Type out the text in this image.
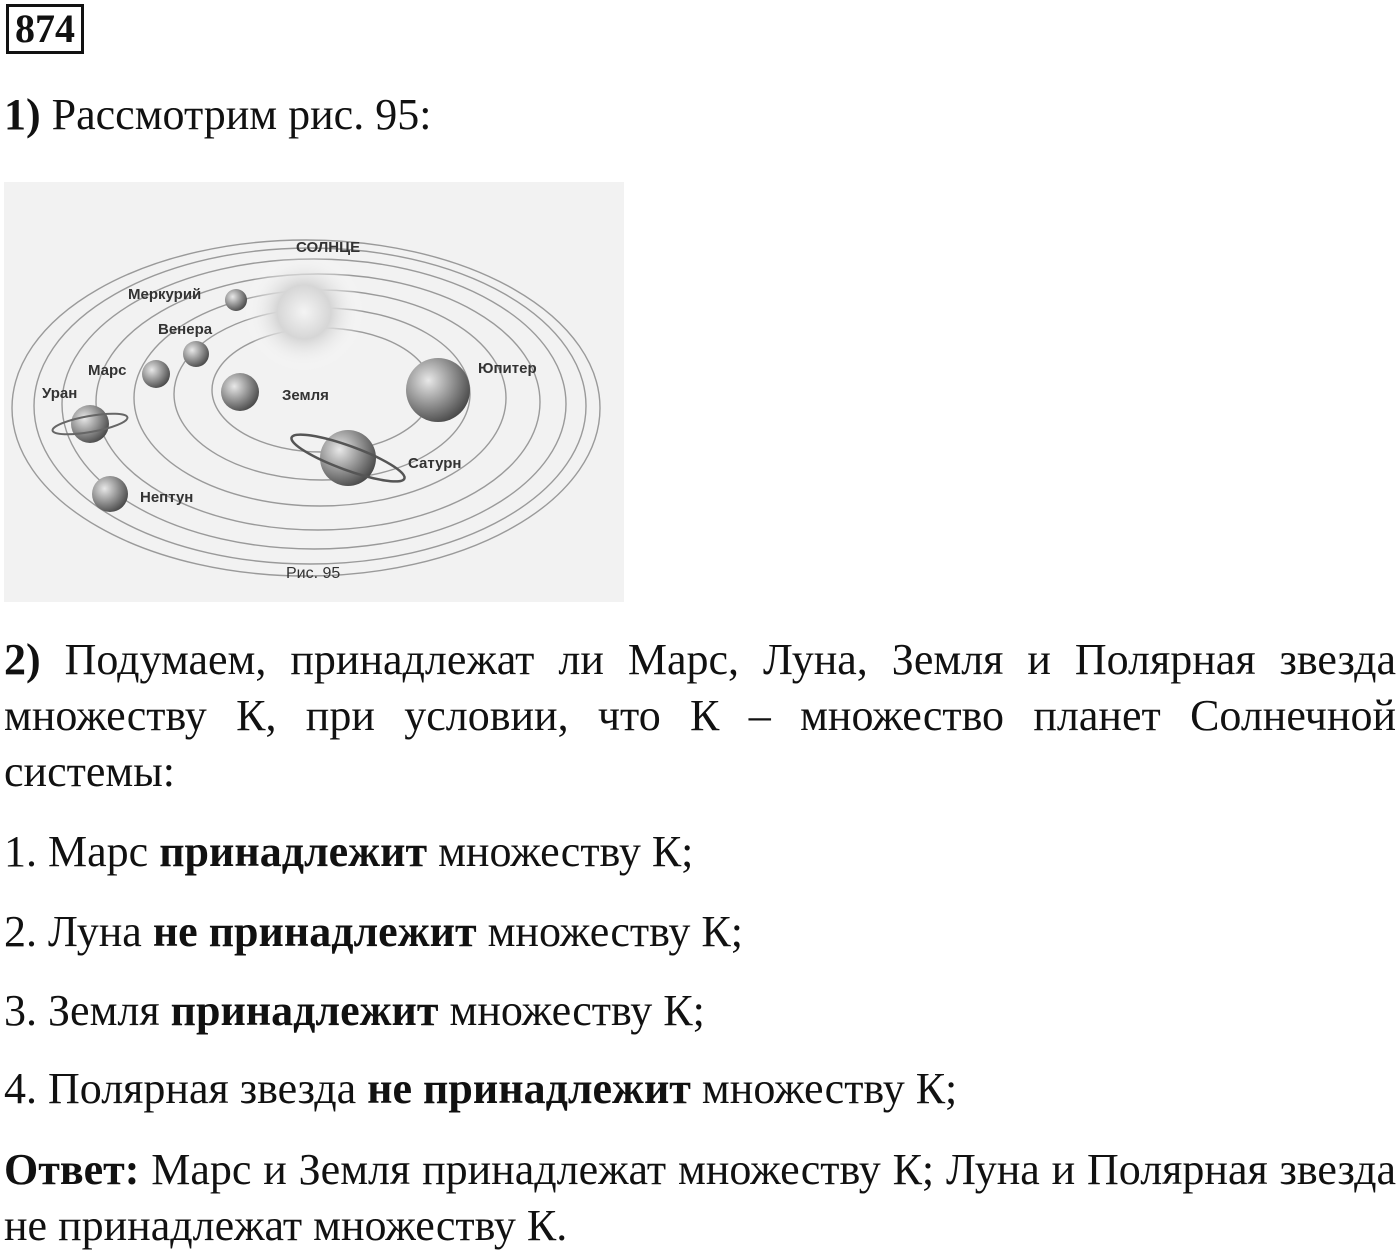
874

1) Рассмотрим рис. 95:

СОЛНЦЕ
Меркурий
Венера
Марс
Уран	Земля
Юпитер
Сатурн
Нептун
Рис. 95

2) Подумаем, принадлежат ли Марс, Луна, Земля и Полярная звезда множеству К, при условии, что К – множество планет Солнечной системы:

1. Марс принадлежит множеству К;

2. Луна не принадлежит множеству К;

3. Земля принадлежит множеству К;

4. Полярная звезда не принадлежит множеству К;

Ответ: Марс и Земля принадлежат множеству К; Луна и Полярная звезда не принадлежат множеству К.
